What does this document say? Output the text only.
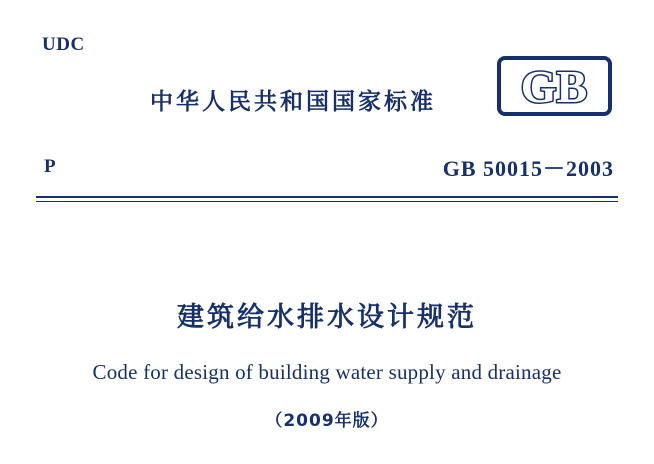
UDC
中华人民共和国国家标准 GB
P	GB 50015－2003
建筑给水排水设计规范
Code for design of building water supply and drainage
（2009年版）
